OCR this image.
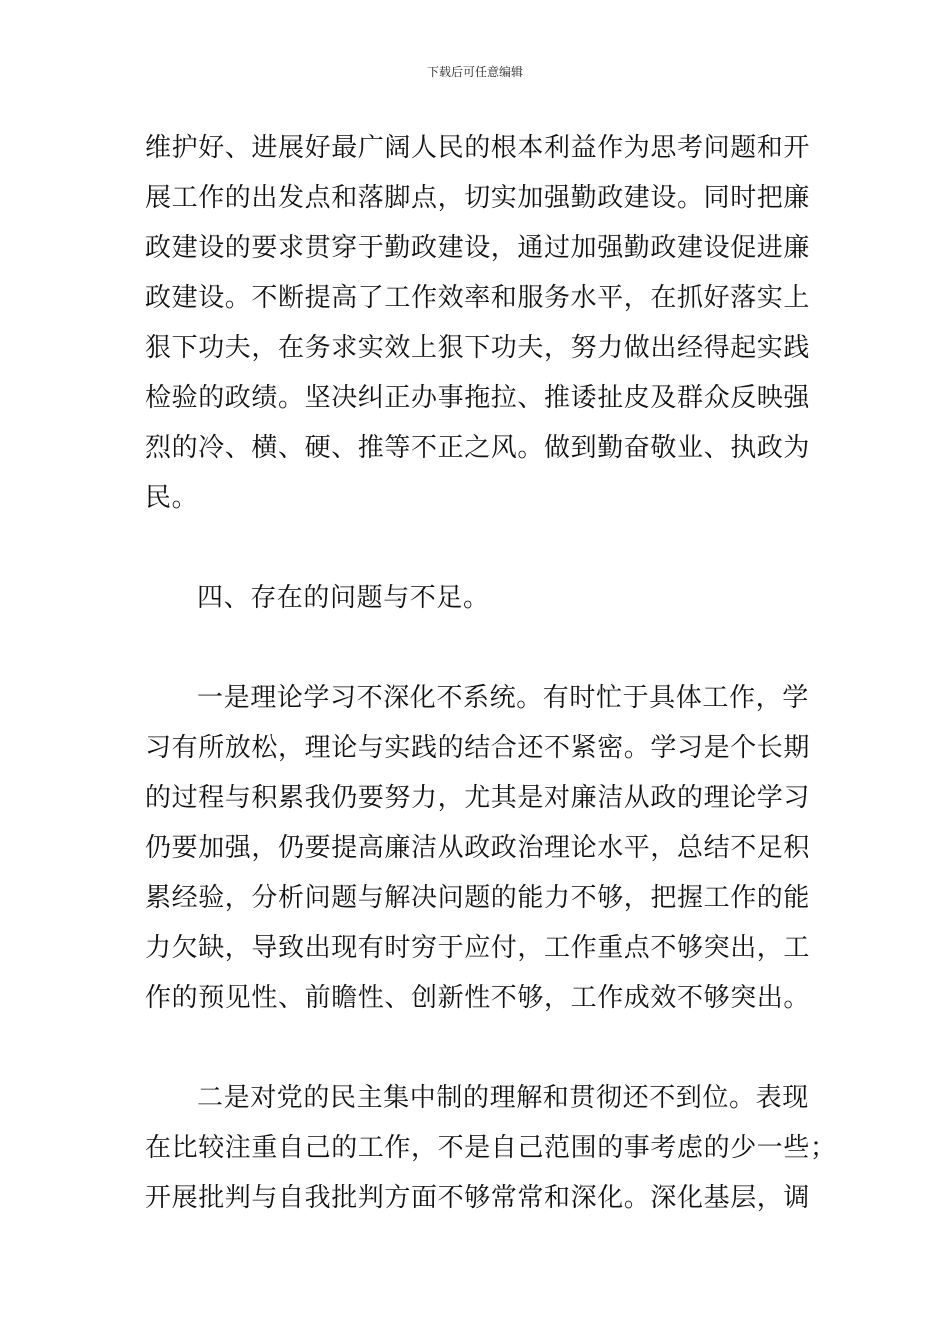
下载后可任意编辑
维护好、进展好最广阔人民的根本利益作为思考问题和开
展工作的出发点和落脚点，切实加强勤政建设。同时把廉
政建设的要求贯穿于勤政建设，通过加强勤政建设促进廉
政建设。不断提高了工作效率和服务水平，在抓好落实上
狠下功夫，在务求实效上狠下功夫，努力做出经得起实践
检验的政绩。坚决纠正办事拖拉、推诿扯皮及群众反映强
烈的冷、横、硬、推等不正之风。做到勤奋敬业、执政为
民。
四、存在的问题与不足。
一是理论学习不深化不系统。有时忙于具体工作，学
习有所放松，理论与实践的结合还不紧密。学习是个长期
的过程与积累我仍要努力，尤其是对廉洁从政的理论学习
仍要加强，仍要提高廉洁从政政治理论水平，总结不足积
累经验，分析问题与解决问题的能力不够，把握工作的能
力欠缺，导致出现有时穷于应付，工作重点不够突出，工
作的预见性、前瞻性、创新性不够，工作成效不够突出。
二是对党的民主集中制的理解和贯彻还不到位。表现
在比较注重自己的工作，不是自己范围的事考虑的少一些；
开展批判与自我批判方面不够常常和深化。深化基层，调
